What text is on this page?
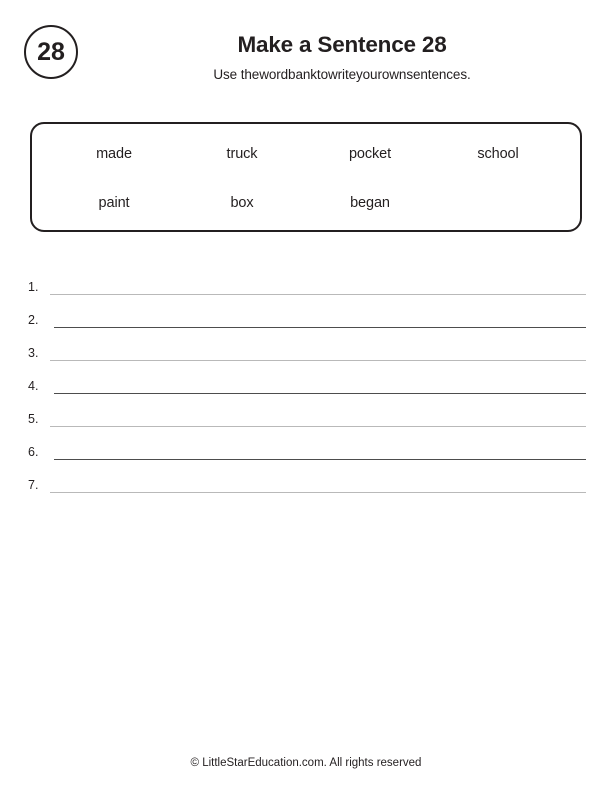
28	Make a Sentence 28

Use thewordbanktowriteyourownsentences.

made	truck	pocket	school
paint	box	began
1.
2.
3.
4.
5.
6.
7.
© LittleStarEducation.com. All rights reserved
